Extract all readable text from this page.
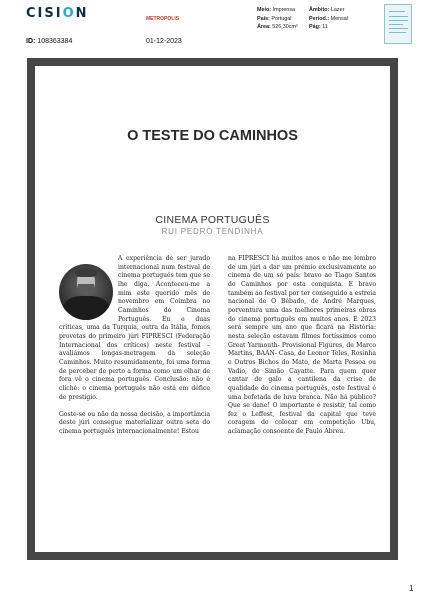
CISION	METROPOLIS
Meio: Imprensa
País: Portugal
Área: 526,30cm²
Âmbito: Lazer
Period.: Mensal
Pág: 11
ID: 108363384	01-12-2023
O TESTE DO CAMINHOS
CINEMA PORTUGUÊS
RUI PEDRO TENDINHA

A experiência de ser jurado internacional num festival de cinema português tem que se lhe diga. Aconteceu-me a mim este querido mês de novembro em Coimbra no Caminhos do Cinema Português. Eu e duas críticas, uma da Turquia, outra da Itália, fomos provetas do primeiro júri FIPRESCI (Federação Internacional dos críticos) neste festival – avaliámos longas-metragem da seleção Caminhos. Muito resumidamente, foi uma forma de perceber de perto a forma como um olhar de fora vê o cinema português. Conclusão: não é cliché: o cinema português não está em défice de prestígio.

Goste-se ou não da nossa decisão, a importância deste júri consegue materializar outra seta do cinema português internacionalmente! Estou

na FIPRESCI há muitos anos e não me lembro de um júri a dar um prémio exclusivamente ao cinema de um só país: bravo ao Tiago Santos do Caminhos por esta conquista. E bravo também ao festival por ter conseguido a estreia nacional de O Bêbado, de André Marques, porventura uma das melhores primeiras obras do cinema português em muitos anos. E 2023 será sempre um ano que ficará na História: nesta seleção estavam filmes fortíssimos como Great Yarmouth- Provisional Figures, de Marco Martins, BAAN- Casa, de Leonor Teles, Rosinha e Outros Bichos do Mato, de Marta Pessoa ou Vadio, de Simão Cayatte. Para quem quer cantar de galo a cantilena da crise de qualidade do cinema português, este festival é uma bofetada de luva branca. Não há público? Que se dane! O importante é resistir, tal como fez o Leffest, festival da capital que teve coragem de colocar em competição Ubu, aclamação consoente de Paulo Abreu.

1
